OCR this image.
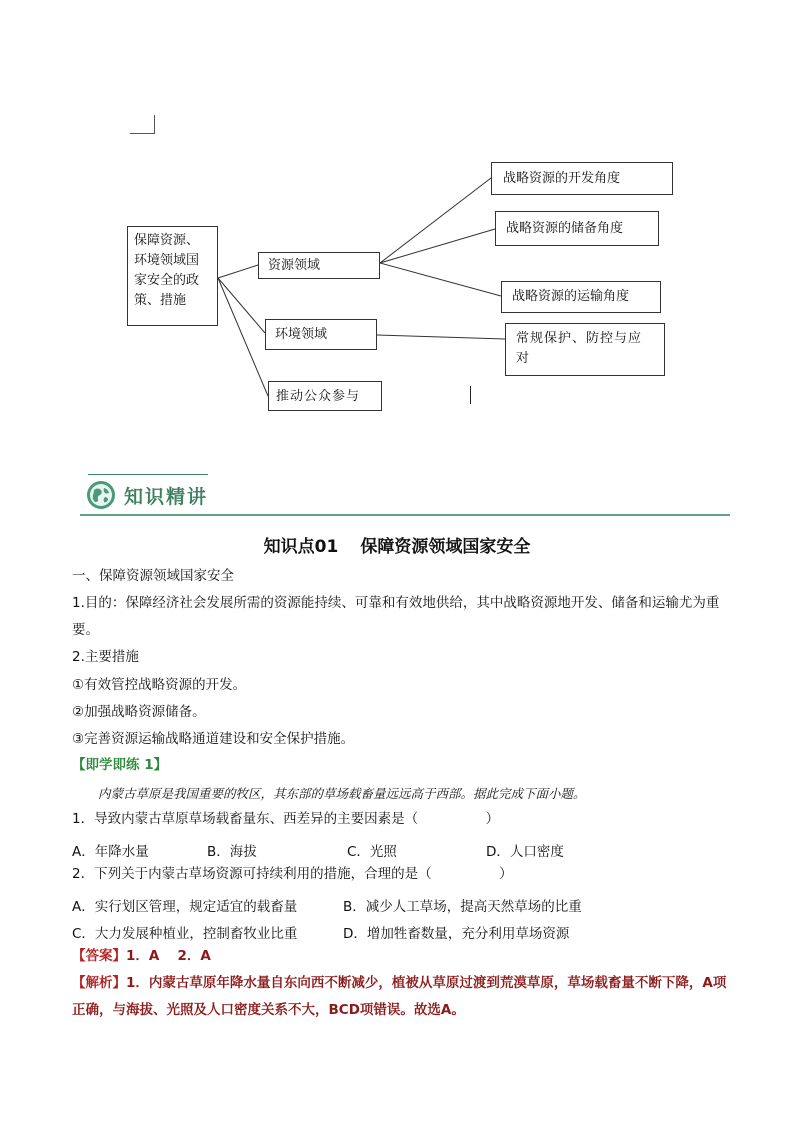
保障资源、环境领域国家安全的政策、措施
资源领域
环境领域
推动公众参与
战略资源的开发角度
战略资源的储备角度
战略资源的运输角度
常规保护、防控与应对
知识精讲
知识点01 保障资源领域国家安全
一、保障资源领域国家安全
1.目的：保障经济社会发展所需的资源能持续、可靠和有效地供给，其中战略资源地开发、储备和运输尤为重要。
2.主要措施
①有效管控战略资源的开发。
②加强战略资源储备。
③完善资源运输战略通道建设和安全保护措施。
【即学即练 1】
内蒙古草原是我国重要的牧区，其东部的草场载畜量远远高于西部。据此完成下面小题。
1．导致内蒙古草原草场载畜量东、西差异的主要因素是（　　　　　）
A．年降水量	B．海拔	C．光照	D．人口密度
2．下列关于内蒙古草场资源可持续利用的措施，合理的是（　　　　　）
A．实行划区管理，规定适宜的载畜量	B．减少人工草场，提高天然草场的比重
C．大力发展种植业，控制畜牧业比重	D．增加牲畜数量，充分利用草场资源
【答案】1．A　 2．A
【解析】1．内蒙古草原年降水量自东向西不断减少，植被从草原过渡到荒漠草原，草场载畜量不断下降，A项正确，与海拔、光照及人口密度关系不大，BCD项错误。故选A。
